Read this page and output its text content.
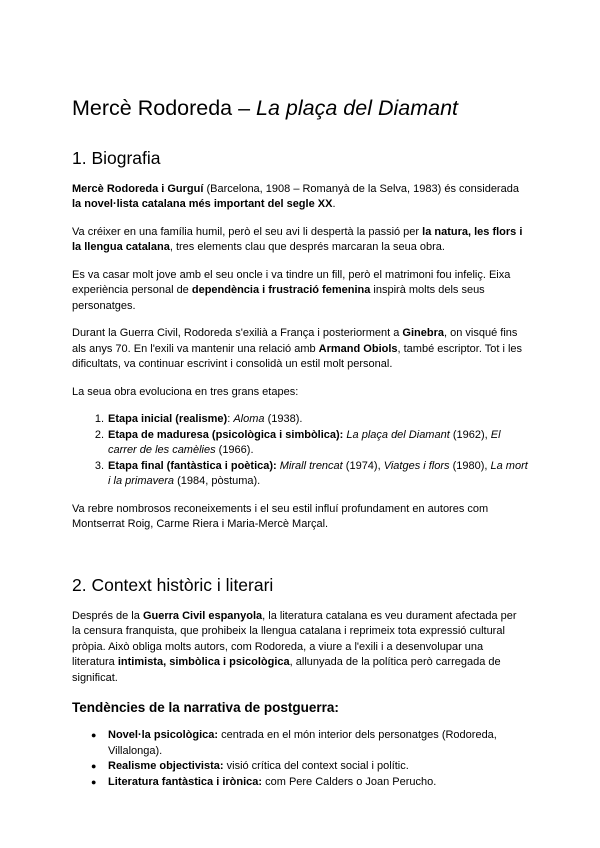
Mercè Rodoreda – La plaça del Diamant
1. Biografia

Mercè Rodoreda i Gurguí (Barcelona, 1908 – Romanyà de la Selva, 1983) és considerada la novel·lista catalana més important del segle XX.

Va créixer en una família humil, però el seu avi li despertà la passió per la natura, les flors i la llengua catalana, tres elements clau que després marcaran la seua obra.

Es va casar molt jove amb el seu oncle i va tindre un fill, però el matrimoni fou infeliç. Eixa experiència personal de dependència i frustració femenina inspirà molts dels seus personatges.

Durant la Guerra Civil, Rodoreda s'exilià a França i posteriorment a Ginebra, on visqué fins als anys 70. En l'exili va mantenir una relació amb Armand Obiols, també escriptor. Tot i les dificultats, va continuar escrivint i consolidà un estil molt personal.

La seua obra evoluciona en tres grans etapes:

Etapa inicial (realisme): Aloma (1938).
Etapa de maduresa (psicològica i simbòlica): La plaça del Diamant (1962), El carrer de les camèlies (1966).
Etapa final (fantàstica i poètica): Mirall trencat (1974), Viatges i flors (1980), La mort i la primavera (1984, pòstuma).

Va rebre nombrosos reconeixements i el seu estil influí profundament en autores com Montserrat Roig, Carme Riera i Maria-Mercè Marçal.

2. Context històric i literari

Després de la Guerra Civil espanyola, la literatura catalana es veu durament afectada per la censura franquista, que prohibeix la llengua catalana i reprimeix tota expressió cultural pròpia. Això obliga molts autors, com Rodoreda, a viure a l'exili i a desenvolupar una literatura intimista, simbòlica i psicològica, allunyada de la política però carregada de significat.

Tendències de la narrativa de postguerra:
● Novel·la psicològica: centrada en el món interior dels personatges (Rodoreda, Villalonga).
● Realisme objectivista: visió crítica del context social i polític.
● Literatura fantàstica i irònica: com Pere Calders o Joan Perucho.
